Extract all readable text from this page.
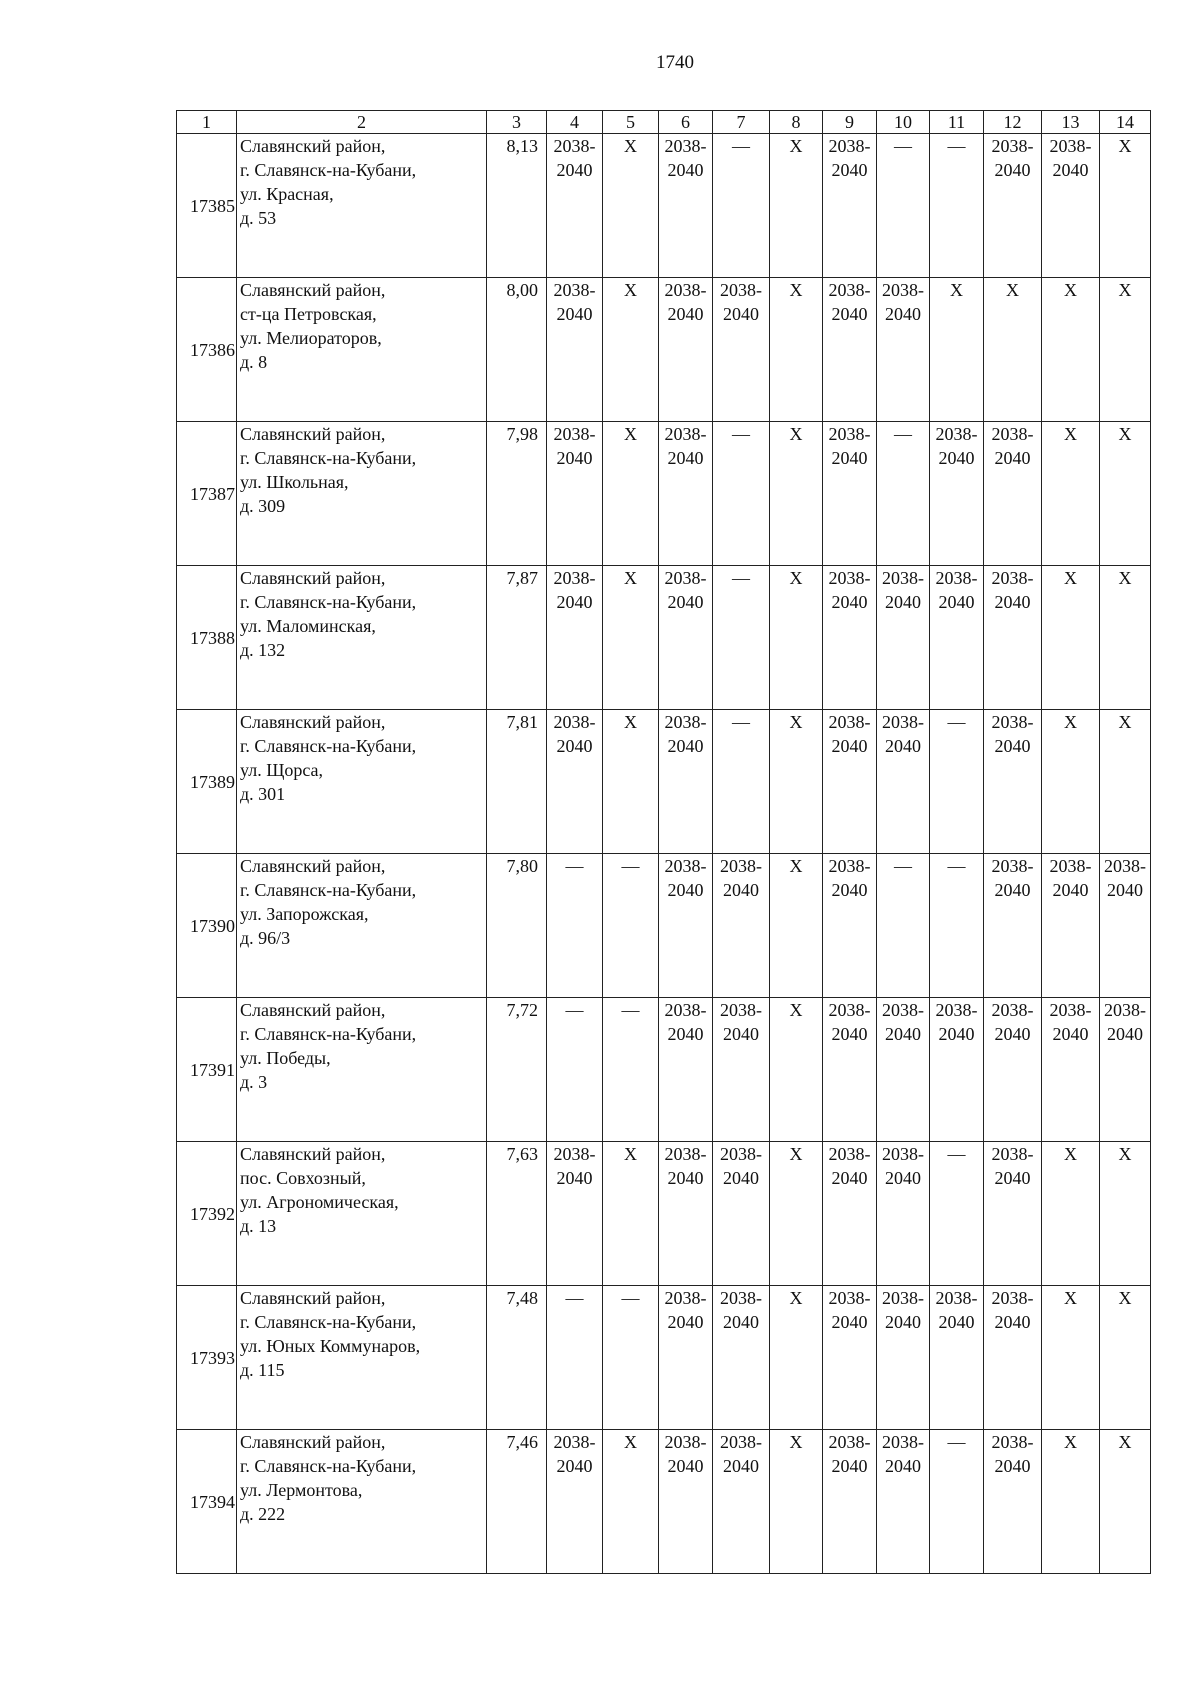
1740
1	2	3	4	5	6	7	8	9	10	11	12	13	14
17385	Славянский район,
г. Славянск-на-Кубани,
ул. Красная,
д. 53	8,13	2038-
2040	Х	2038-
2040	—	Х	2038-
2040	—	—	2038-
2040	2038-
2040	Х

17386	Славянский район,
ст-ца Петровская,
ул. Мелиораторов,
д. 8	8,00	2038-
2040	Х	2038-
2040	2038-
2040	Х	2038-
2040	2038-
2040	Х	Х	Х	Х

17387	Славянский район,
г. Славянск-на-Кубани,
ул. Школьная,
д. 309	7,98	2038-
2040	Х	2038-
2040	—	Х	2038-
2040	—	2038-
2040	2038-
2040	Х	Х

17388	Славянский район,
г. Славянск-на-Кубани,
ул. Маломинская,
д. 132	7,87	2038-
2040	Х	2038-
2040	—	Х	2038-
2040	2038-
2040	2038-
2040	2038-
2040	Х	Х

17389	Славянский район,
г. Славянск-на-Кубани,
ул. Щорса,
д. 301	7,81	2038-
2040	Х	2038-
2040	—	Х	2038-
2040	2038-
2040	—	2038-
2040	Х	Х

17390	Славянский район,
г. Славянск-на-Кубани,
ул. Запорожская,
д. 96/3	7,80	—	—	2038-
2040	2038-
2040	Х	2038-
2040	—	—	2038-
2040	2038-
2040	2038-
2040

17391	Славянский район,
г. Славянск-на-Кубани,
ул. Победы,
д. 3	7,72	—	—	2038-
2040	2038-
2040	Х	2038-
2040	2038-
2040	2038-
2040	2038-
2040	2038-
2040	2038-
2040

17392	Славянский район,
пос. Совхозный,
ул. Агрономическая,
д. 13	7,63	2038-
2040	Х	2038-
2040	2038-
2040	Х	2038-
2040	2038-
2040	—	2038-
2040	Х	Х

17393	Славянский район,
г. Славянск-на-Кубани,
ул. Юных Коммунаров,
д. 115	7,48	—	—	2038-
2040	2038-
2040	Х	2038-
2040	2038-
2040	2038-
2040	2038-
2040	Х	Х

17394	Славянский район,
г. Славянск-на-Кубани,
ул. Лермонтова,
д. 222	7,46	2038-
2040	Х	2038-
2040	2038-
2040	Х	2038-
2040	2038-
2040	—	2038-
2040	Х	Х
